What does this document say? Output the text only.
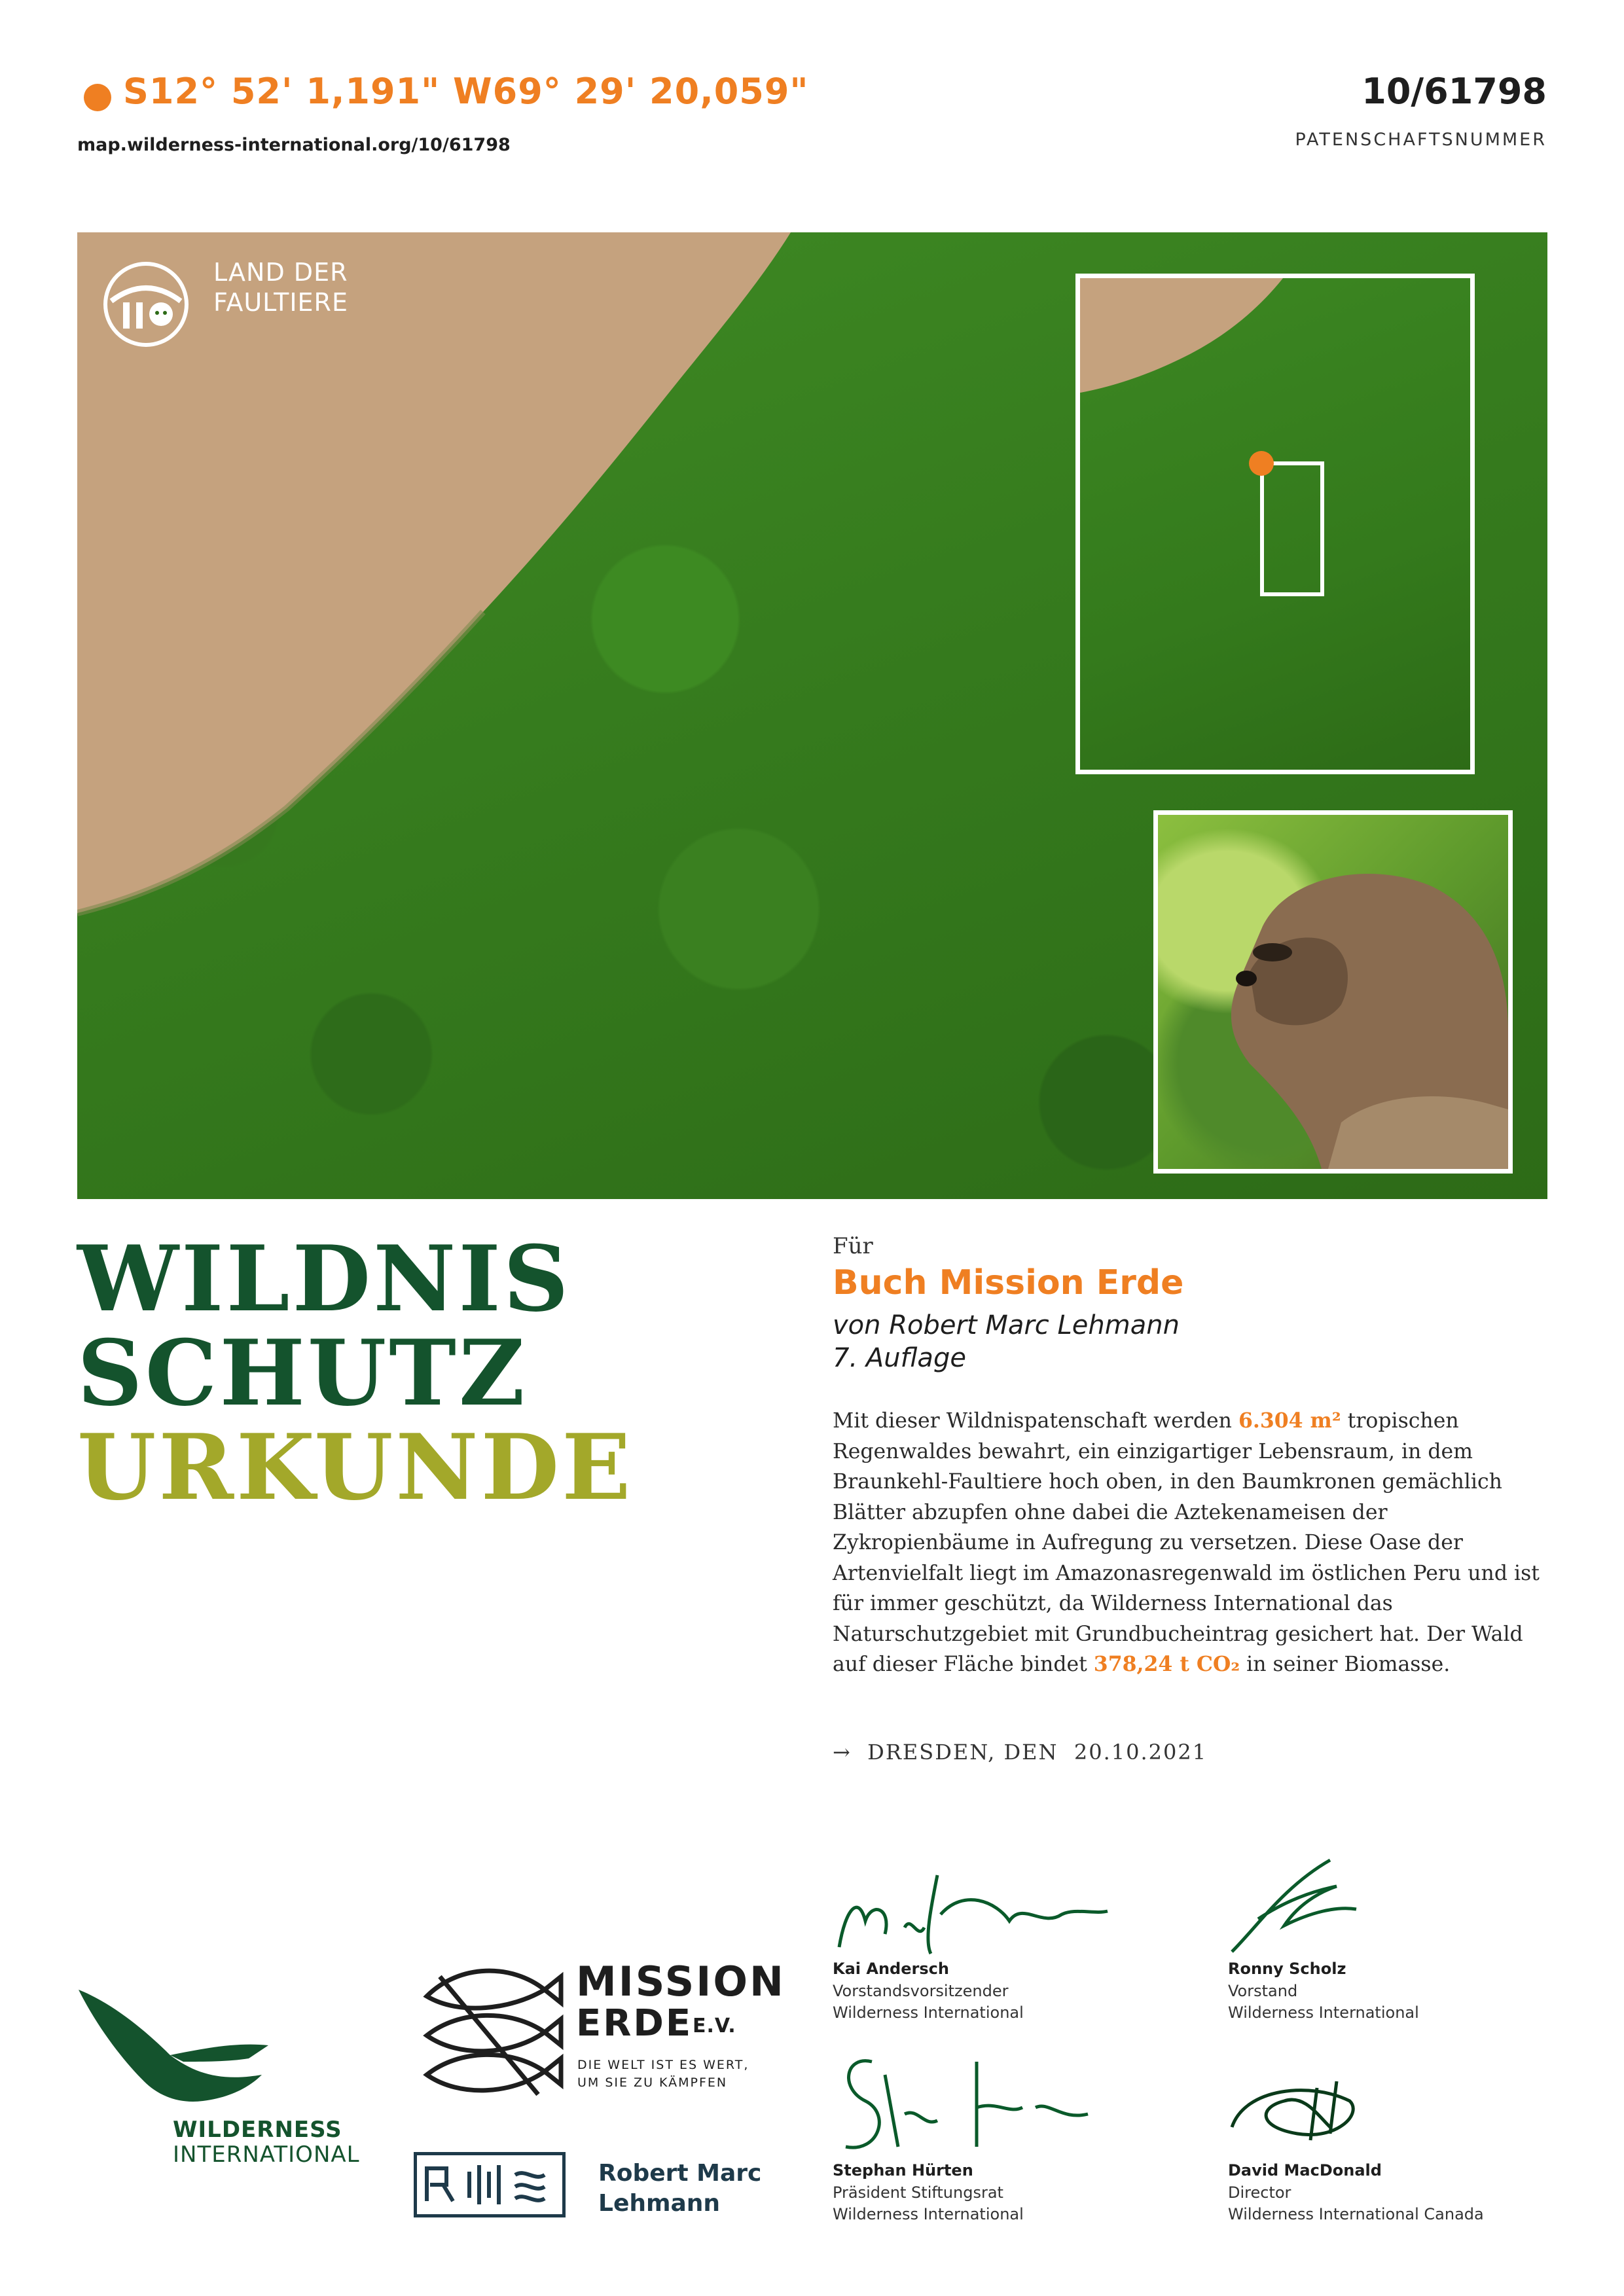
S12° 52' 1,191" W69° 29' 20,059"
map.wilderness-international.org/10/61798
10/61798
PATENSCHAFTSNUMMER
LAND DER
FAULTIERE
WILDNIS
SCHUTZ
URKUNDE
Für
Buch Mission Erde
von Robert Marc Lehmann
7. Auflage
Mit dieser Wildnispatenschaft werden 6.304 m² tropischen Regenwaldes bewahrt, ein einzigartiger Lebensraum, in dem Braunkehl-Faultiere hoch oben, in den Baumkronen gemächlich Blätter abzupfen ohne dabei die Aztekenameisen der Zykropienbäume in Aufregung zu versetzen. Diese Oase der Artenvielfalt liegt im Amazonasregenwald im östlichen Peru und ist für immer geschützt, da Wilderness International das Naturschutzgebiet mit Grundbucheintrag gesichert hat. Der Wald auf dieser Fläche bindet 378,24 t CO₂ in seiner Biomasse.
→ DRESDEN, DEN 20.10.2021
WILDERNESS
INTERNATIONAL
MISSION
ERDE E.V.
DIE WELT IST ES WERT,
UM SIE ZU KÄMPFEN
Robert Marc
Lehmann
Kai Andersch
Vorstandsvorsitzender
Wilderness International
Ronny Scholz
Vorstand
Wilderness International
Stephan Hürten
Präsident Stiftungsrat
Wilderness International
David MacDonald
Director
Wilderness International Canada
